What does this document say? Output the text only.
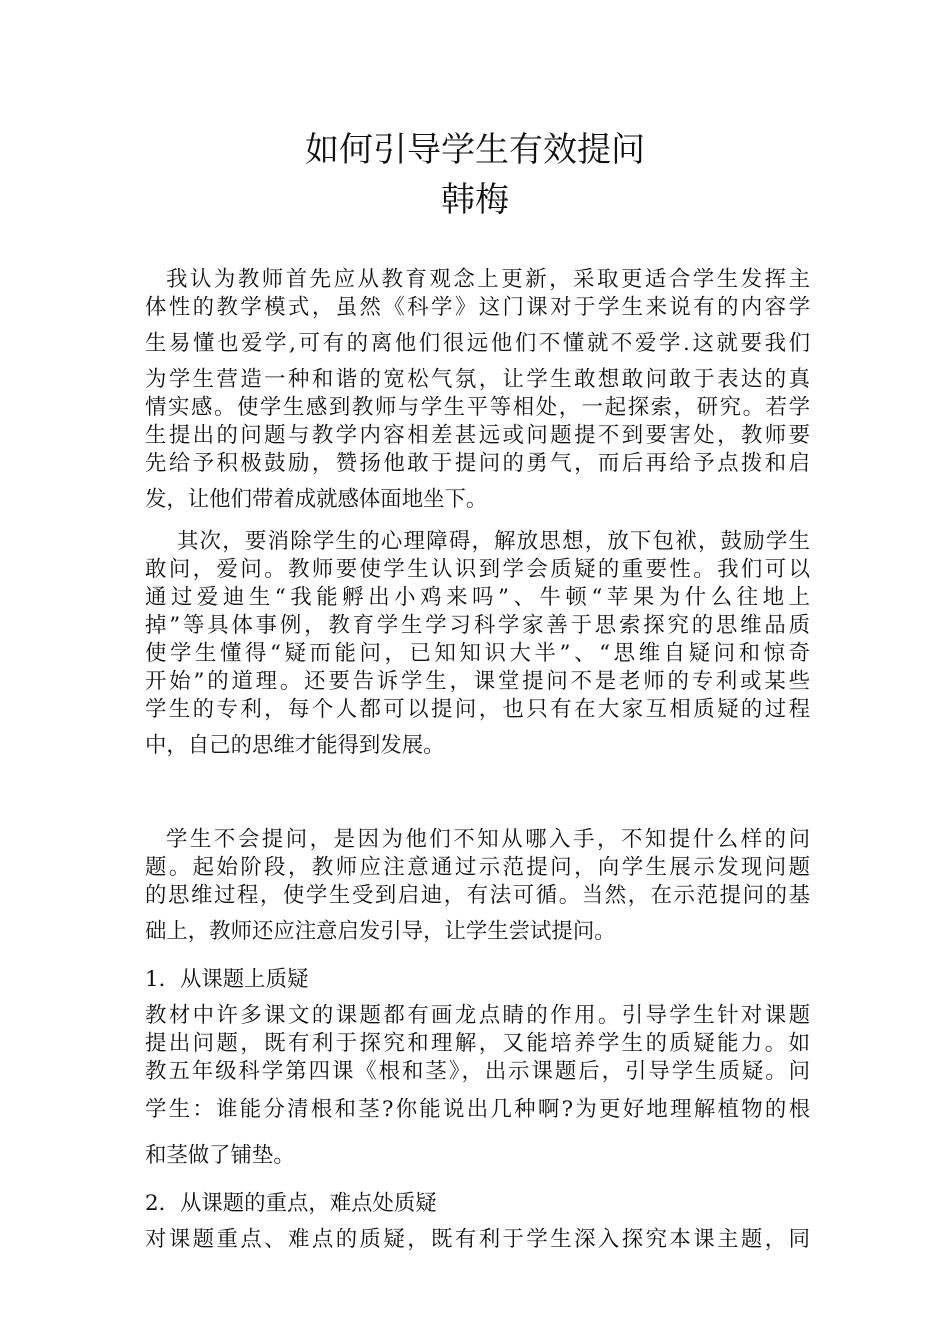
如何引导学生有效提问
韩梅
我认为教师首先应从教育观念上更新，采取更适合学生发挥主
体性的教学模式，虽然《科学》这门课对于学生来说有的内容学
生易懂也爱学,可有的离他们很远他们不懂就不爱学.这就要我们
为学生营造一种和谐的宽松气氛，让学生敢想敢问敢于表达的真
情实感。使学生感到教师与学生平等相处，一起探索，研究。若学
生提出的问题与教学内容相差甚远或问题提不到要害处，教师要
先给予积极鼓励，赞扬他敢于提问的勇气，而后再给予点拨和启
发，让他们带着成就感体面地坐下。
其次，要消除学生的心理障碍，解放思想，放下包袱，鼓励学生
敢问，爱问。教师要使学生认识到学会质疑的重要性。我们可以
通过爱迪生“我能孵出小鸡来吗”、牛顿“苹果为什么往地上
掉”等具体事例，教育学生学习科学家善于思索探究的思维品质
使学生懂得“疑而能问，已知知识大半”、“思维自疑问和惊奇
开始”的道理。还要告诉学生，课堂提问不是老师的专利或某些
学生的专利，每个人都可以提问，也只有在大家互相质疑的过程
中，自己的思维才能得到发展。
学生不会提问，是因为他们不知从哪入手，不知提什么样的问
题。起始阶段，教师应注意通过示范提问，向学生展示发现问题
的思维过程，使学生受到启迪，有法可循。当然，在示范提问的基
础上，教师还应注意启发引导，让学生尝试提问。
1．从课题上质疑
教材中许多课文的课题都有画龙点睛的作用。引导学生针对课题
提出问题，既有利于探究和理解，又能培养学生的质疑能力。如
教五年级科学第四课《根和茎》，出示课题后，引导学生质疑。问
学生：谁能分清根和茎?你能说出几种啊?为更好地理解植物的根
和茎做了铺垫。
2．从课题的重点，难点处质疑
对课题重点、难点的质疑，既有利于学生深入探究本课主题，同
